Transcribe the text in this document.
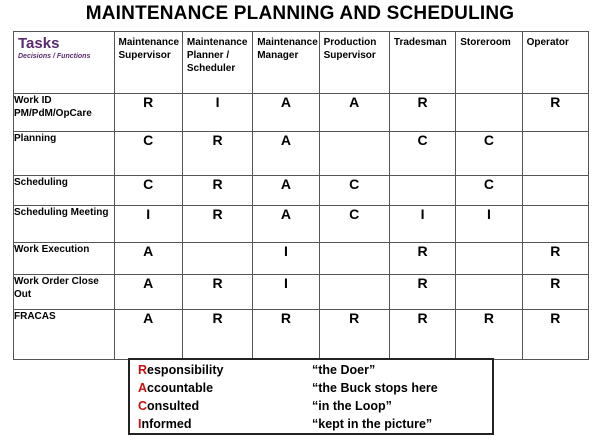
MAINTENANCE PLANNING AND SCHEDULING
Tasks
Decisions / Functions	Maintenance Supervisor	Maintenance Planner / Scheduler	Maintenance Manager	Production Supervisor	Tradesman	Storeroom	Operator
Work ID PM/PdM/OpCare	R	I	A	A	R		R
Planning	C	R	A		C	C	
Scheduling	C	R	A	C		C	
Scheduling Meeting	I	R	A	C	I	I	
Work Execution	A		I		R		R
Work Order Close Out	A	R	I		R		R
FRACAS	A	R	R	R	R	R	R
Responsibility	“the Doer”
Accountable	“the Buck stops here
Consulted	“in the Loop”
Informed	“kept in the picture”
